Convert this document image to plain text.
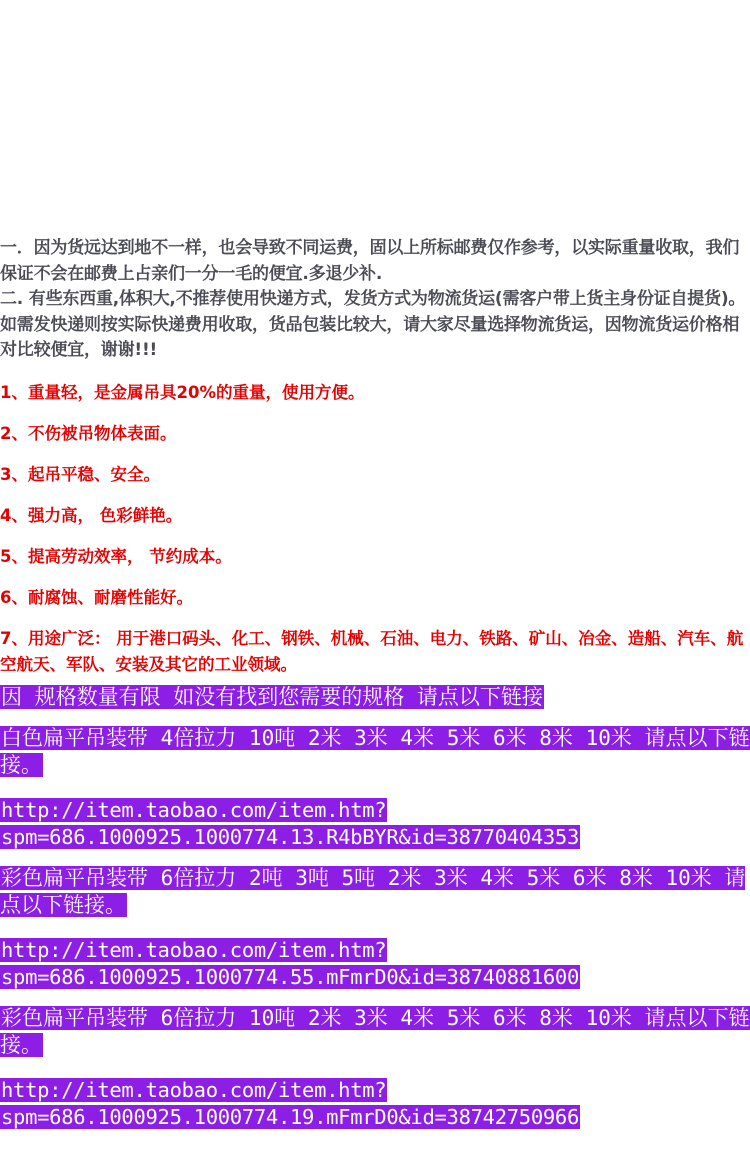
一．因为货远达到地不一样，也会导致不同运费，固以上所标邮费仅作参考，以实际重量收取，我们保证不会在邮费上占亲们一分一毛的便宜.多退少补.

二. 有些东西重,体积大,不推荐使用快递方式，发货方式为物流货运(需客户带上货主身份证自提货)。如需发快递则按实际快递费用收取，货品包装比较大，请大家尽量选择物流货运，因物流货运价格相对比较便宜，谢谢!!!

1、重量轻，是金属吊具20%的重量，使用方便。

2、不伤被吊物体表面。

3、起吊平稳、安全。

4、强力高， 色彩鲜艳。

5、提高劳动效率， 节约成本。

6、耐腐蚀、耐磨性能好。

7、用途广泛： 用于港口码头、化工、钢铁、机械、石油、电力、铁路、矿山、冶金、造船、汽车、航空航天、军队、安装及其它的工业领域。

因 规格数量有限 如没有找到您需要的规格 请点以下链接

白色扁平吊装带 4倍拉力 10吨 2米 3米 4米 5米 6米 8米 10米 请点以下链接。

http://item.taobao.com/item.htm?
spm=686.1000925.1000774.13.R4bBYR&id=38770404353

彩色扁平吊装带 6倍拉力 2吨 3吨 5吨 2米 3米 4米 5米 6米 8米 10米 请点以下链接。

http://item.taobao.com/item.htm?
spm=686.1000925.1000774.55.mFmrD0&id=38740881600

彩色扁平吊装带 6倍拉力 10吨 2米 3米 4米 5米 6米 8米 10米 请点以下链接。

http://item.taobao.com/item.htm?
spm=686.1000925.1000774.19.mFmrD0&id=38742750966
